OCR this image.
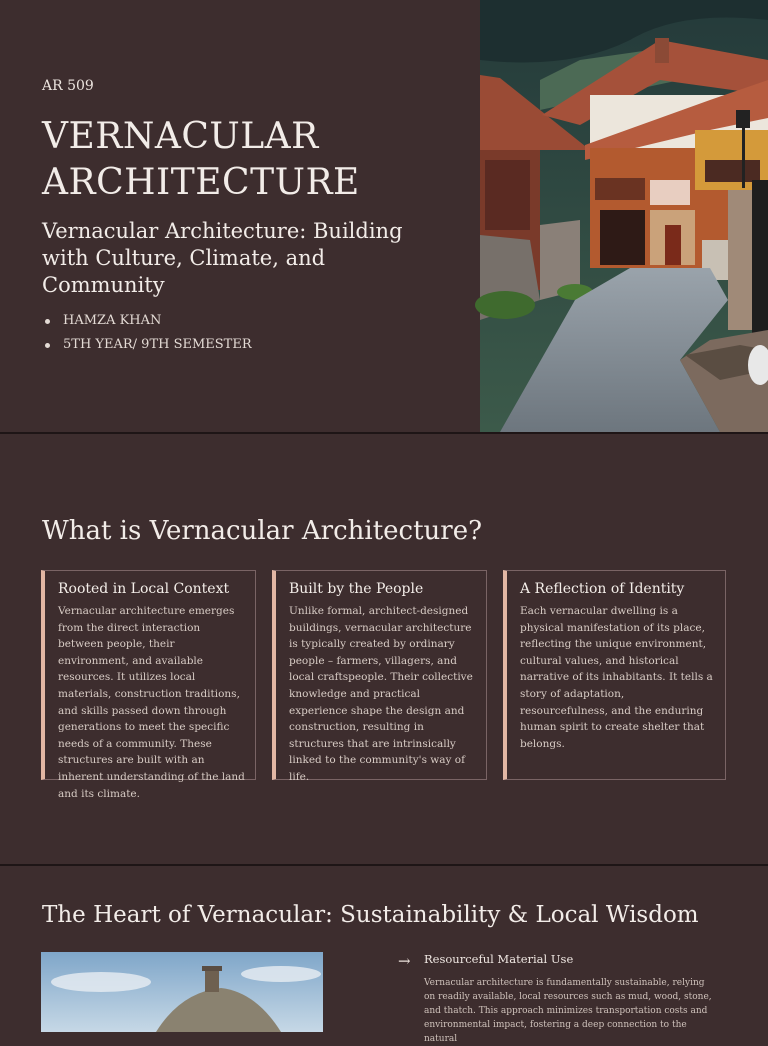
AR 509
VERNACULAR
ARCHITECTURE
Vernacular Architecture: Building with Culture, Climate, and Community
HAMZA KHAN
5TH YEAR/ 9TH SEMESTER
What is Vernacular Architecture?
Rooted in Local Context

Vernacular architecture emerges from the direct interaction between people, their environment, and available resources. It utilizes local materials, construction traditions, and skills passed down through generations to meet the specific needs of a community. These structures are built with an inherent understanding of the land and its climate.

Built by the People

Unlike formal, architect-designed buildings, vernacular architecture is typically created by ordinary people – farmers, villagers, and local craftspeople. Their collective knowledge and practical experience shape the design and construction, resulting in structures that are intrinsically linked to the community's way of life.

A Reflection of Identity

Each vernacular dwelling is a physical manifestation of its place, reflecting the unique environment, cultural values, and historical narrative of its inhabitants. It tells a story of adaptation, resourcefulness, and the enduring human spirit to create shelter that belongs.

The Heart of Vernacular: Sustainability & Local Wisdom
→ Resourceful Material Use

Vernacular architecture is fundamentally sustainable, relying on readily available, local resources such as mud, wood, stone, and thatch. This approach minimizes transportation costs and environmental impact, fostering a deep connection to the natural
